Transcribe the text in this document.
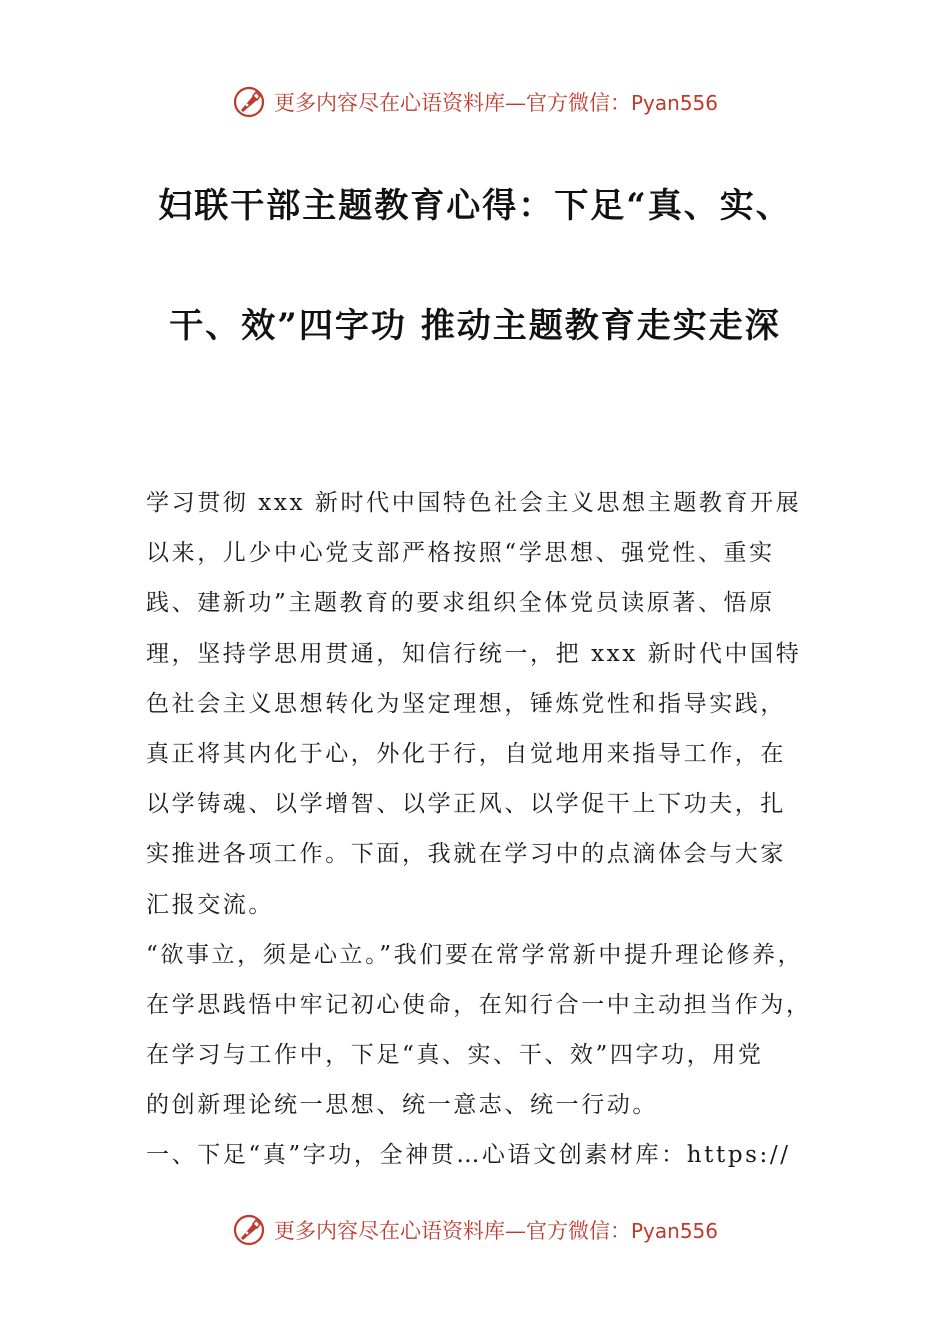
更多内容尽在心语资料库—官方微信：Pyan556
妇联干部主题教育心得：下足“真、实、
干、效”四字功 推动主题教育走实走深
学习贯彻 xxx 新时代中国特色社会主义思想主题教育开展
以来，儿少中心党支部严格按照“学思想、强党性、重实
践、建新功”主题教育的要求组织全体党员读原著、悟原
理，坚持学思用贯通，知信行统一，把 xxx 新时代中国特
色社会主义思想转化为坚定理想，锤炼党性和指导实践，
真正将其内化于心，外化于行，自觉地用来指导工作，在
以学铸魂、以学增智、以学正风、以学促干上下功夫，扎
实推进各项工作。下面，我就在学习中的点滴体会与大家
汇报交流。
“欲事立，须是心立。”我们要在常学常新中提升理论修养，
在学思践悟中牢记初心使命，在知行合一中主动担当作为，
在学习与工作中，下足“真、实、干、效”四字功，用党
的创新理论统一思想、统一意志、统一行动。
一、下足“真”字功，全神贯…心语文创素材库：https://
更多内容尽在心语资料库—官方微信：Pyan556
